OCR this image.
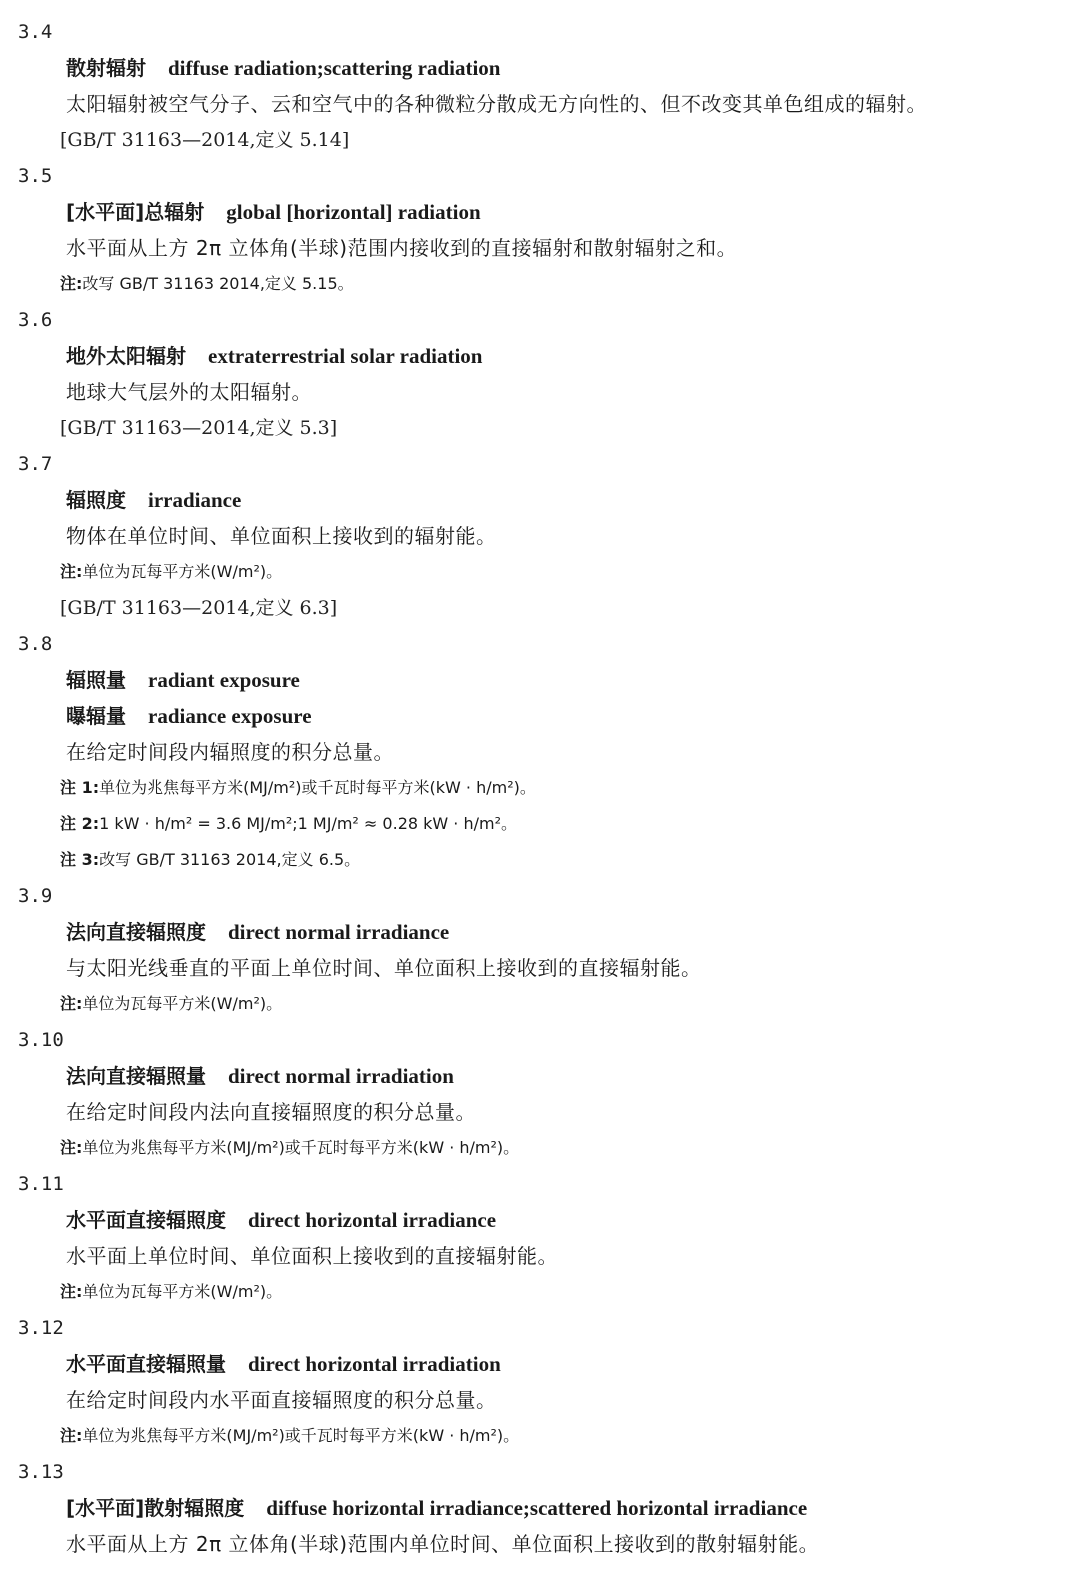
3.4
散射辐射 diffuse radiation;scattering radiation
太阳辐射被空气分子、云和空气中的各种微粒分散成无方向性的、但不改变其单色组成的辐射。
[GB/T 31163—2014,定义 5.14]
3.5
[水平面]总辐射 global [horizontal] radiation
水平面从上方 2π 立体角(半球)范围内接收到的直接辐射和散射辐射之和。
注:改写 GB/T 31163 2014,定义 5.15。
3.6
地外太阳辐射 extraterrestrial solar radiation
地球大气层外的太阳辐射。
[GB/T 31163—2014,定义 5.3]
3.7
辐照度 irradiance
物体在单位时间、单位面积上接收到的辐射能。
注:单位为瓦每平方米(W/m²)。
[GB/T 31163—2014,定义 6.3]
3.8
辐照量 radiant exposure
曝辐量 radiance exposure
在给定时间段内辐照度的积分总量。
注 1:单位为兆焦每平方米(MJ/m²)或千瓦时每平方米(kW · h/m²)。
注 2:1 kW · h/m² = 3.6 MJ/m²;1 MJ/m² ≈ 0.28 kW · h/m²。
注 3:改写 GB/T 31163 2014,定义 6.5。
3.9
法向直接辐照度 direct normal irradiance
与太阳光线垂直的平面上单位时间、单位面积上接收到的直接辐射能。
注:单位为瓦每平方米(W/m²)。
3.10
法向直接辐照量 direct normal irradiation
在给定时间段内法向直接辐照度的积分总量。
注:单位为兆焦每平方米(MJ/m²)或千瓦时每平方米(kW · h/m²)。
3.11
水平面直接辐照度 direct horizontal irradiance
水平面上单位时间、单位面积上接收到的直接辐射能。
注:单位为瓦每平方米(W/m²)。
3.12
水平面直接辐照量 direct horizontal irradiation
在给定时间段内水平面直接辐照度的积分总量。
注:单位为兆焦每平方米(MJ/m²)或千瓦时每平方米(kW · h/m²)。
3.13
[水平面]散射辐照度 diffuse horizontal irradiance;scattered horizontal irradiance
水平面从上方 2π 立体角(半球)范围内单位时间、单位面积上接收到的散射辐射能。
